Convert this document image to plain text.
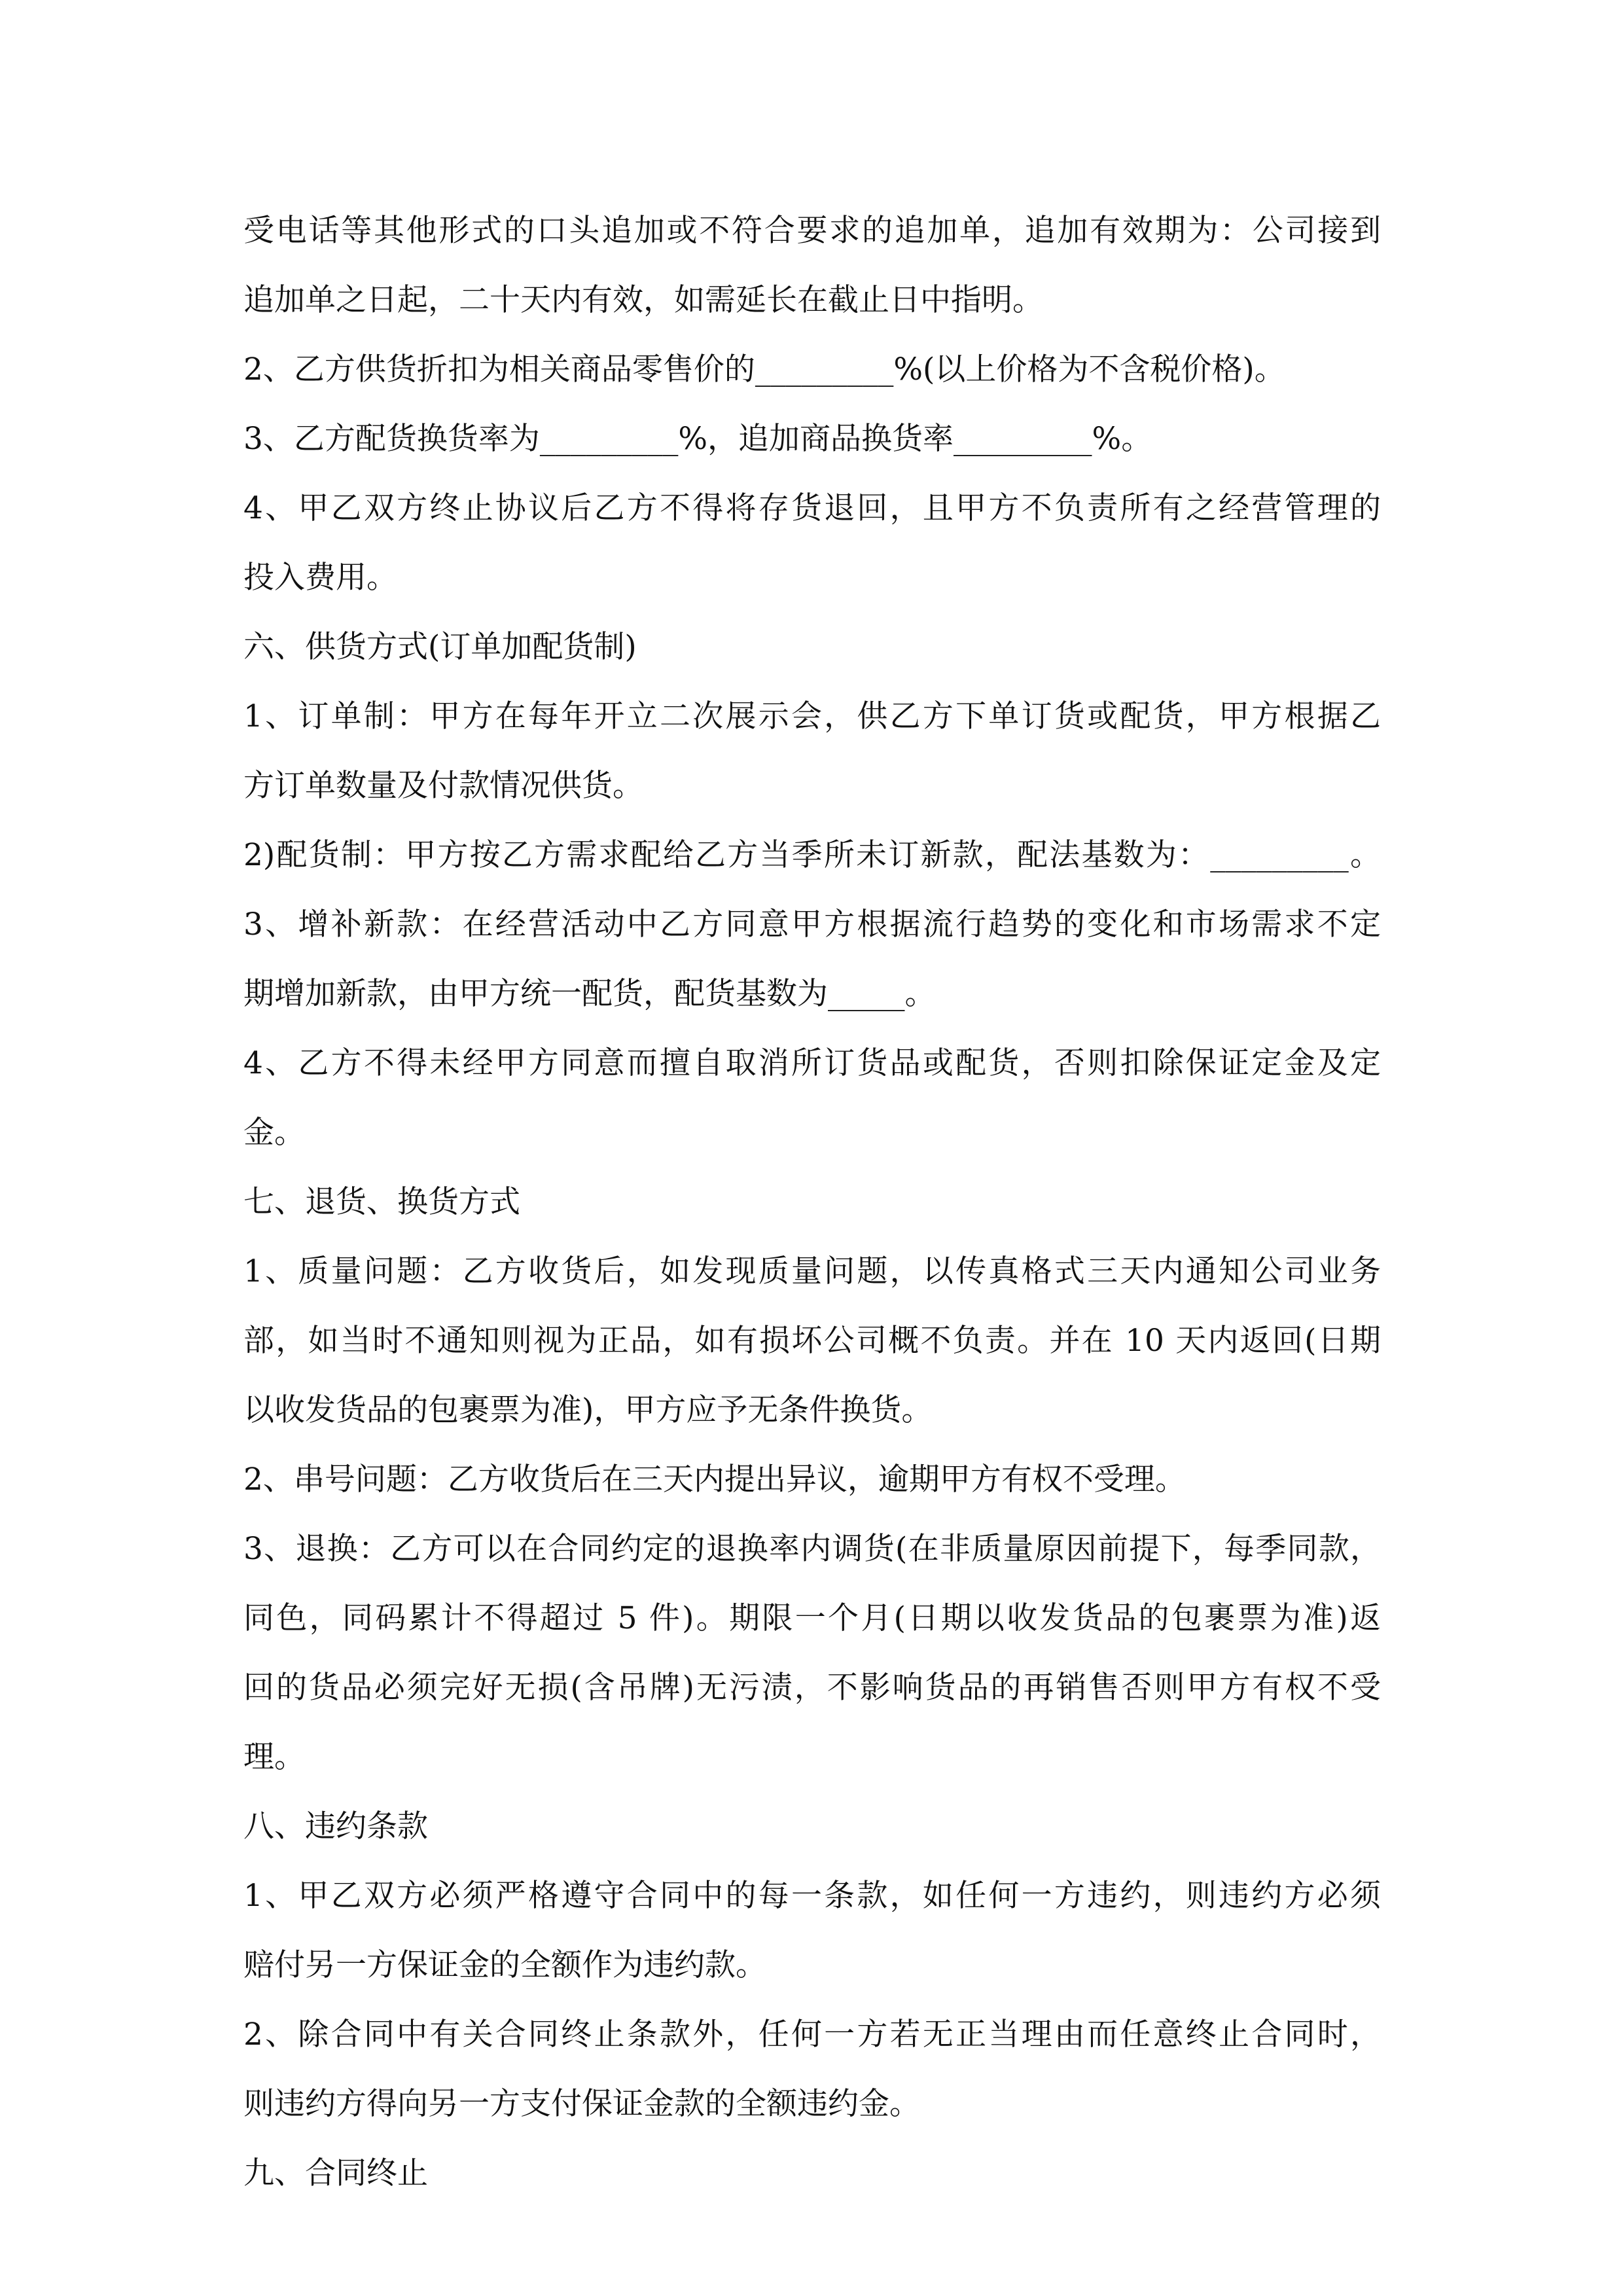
受电话等其他形式的口头追加或不符合要求的追加单，追加有效期为：公司接到
追加单之日起，二十天内有效，如需延长在截止日中指明。
2、乙方供货折扣为相关商品零售价的_________%(以上价格为不含税价格)。
3、乙方配货换货率为_________%，追加商品换货率_________%。
4、甲乙双方终止协议后乙方不得将存货退回，且甲方不负责所有之经营管理的
投入费用。
六、供货方式(订单加配货制)
1、订单制：甲方在每年开立二次展示会，供乙方下单订货或配货，甲方根据乙
方订单数量及付款情况供货。
2)配货制：甲方按乙方需求配给乙方当季所未订新款，配法基数为：_________。
3、增补新款：在经营活动中乙方同意甲方根据流行趋势的变化和市场需求不定
期增加新款，由甲方统一配货，配货基数为_____。
4、乙方不得未经甲方同意而擅自取消所订货品或配货，否则扣除保证定金及定
金。
七、退货、换货方式
1、质量问题：乙方收货后，如发现质量问题，以传真格式三天内通知公司业务
部，如当时不通知则视为正品，如有损坏公司概不负责。并在 10 天内返回(日期
以收发货品的包裹票为准)，甲方应予无条件换货。
2、串号问题：乙方收货后在三天内提出异议，逾期甲方有权不受理。
3、退换：乙方可以在合同约定的退换率内调货(在非质量原因前提下，每季同款，
同色，同码累计不得超过 5 件)。期限一个月(日期以收发货品的包裹票为准)返
回的货品必须完好无损(含吊牌)无污渍，不影响货品的再销售否则甲方有权不受
理。
八、违约条款
1、甲乙双方必须严格遵守合同中的每一条款，如任何一方违约，则违约方必须
赔付另一方保证金的全额作为违约款。
2、除合同中有关合同终止条款外，任何一方若无正当理由而任意终止合同时，
则违约方得向另一方支付保证金款的全额违约金。
九、合同终止
